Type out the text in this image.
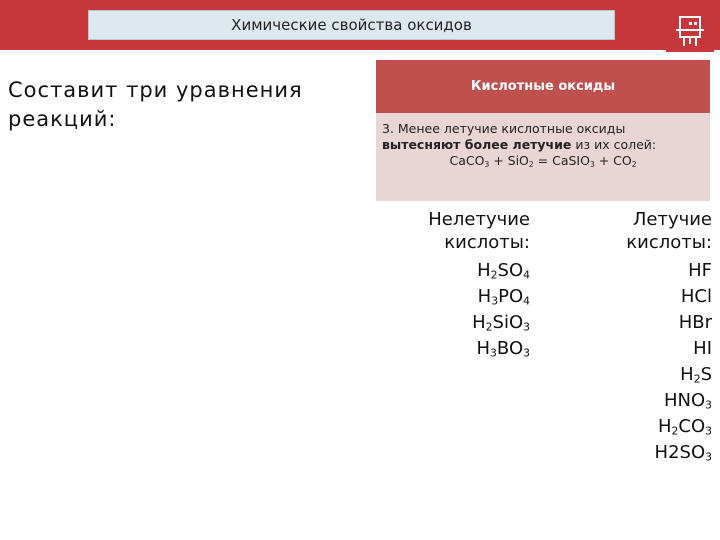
Химические свойства оксидов
Составит три уравнения реакций:
Кислотные оксиды
3. Менее летучие кислотные оксиды
вытесняют более летучие из их солей:
CaCO$_3$ + SiO$_2$ = CaSIO$_3$ + $CO_2$
Нелетучие
кислоты:
$H_2SO_4$
$H_3PO_4$
$H_2SiO_3$
$H_3BO_3$
Летучие
кислоты:
HF
HCl
HBr
HI
$H_2S$
$HNO_3$
$H_2CO_3$
$H2SO_3$
